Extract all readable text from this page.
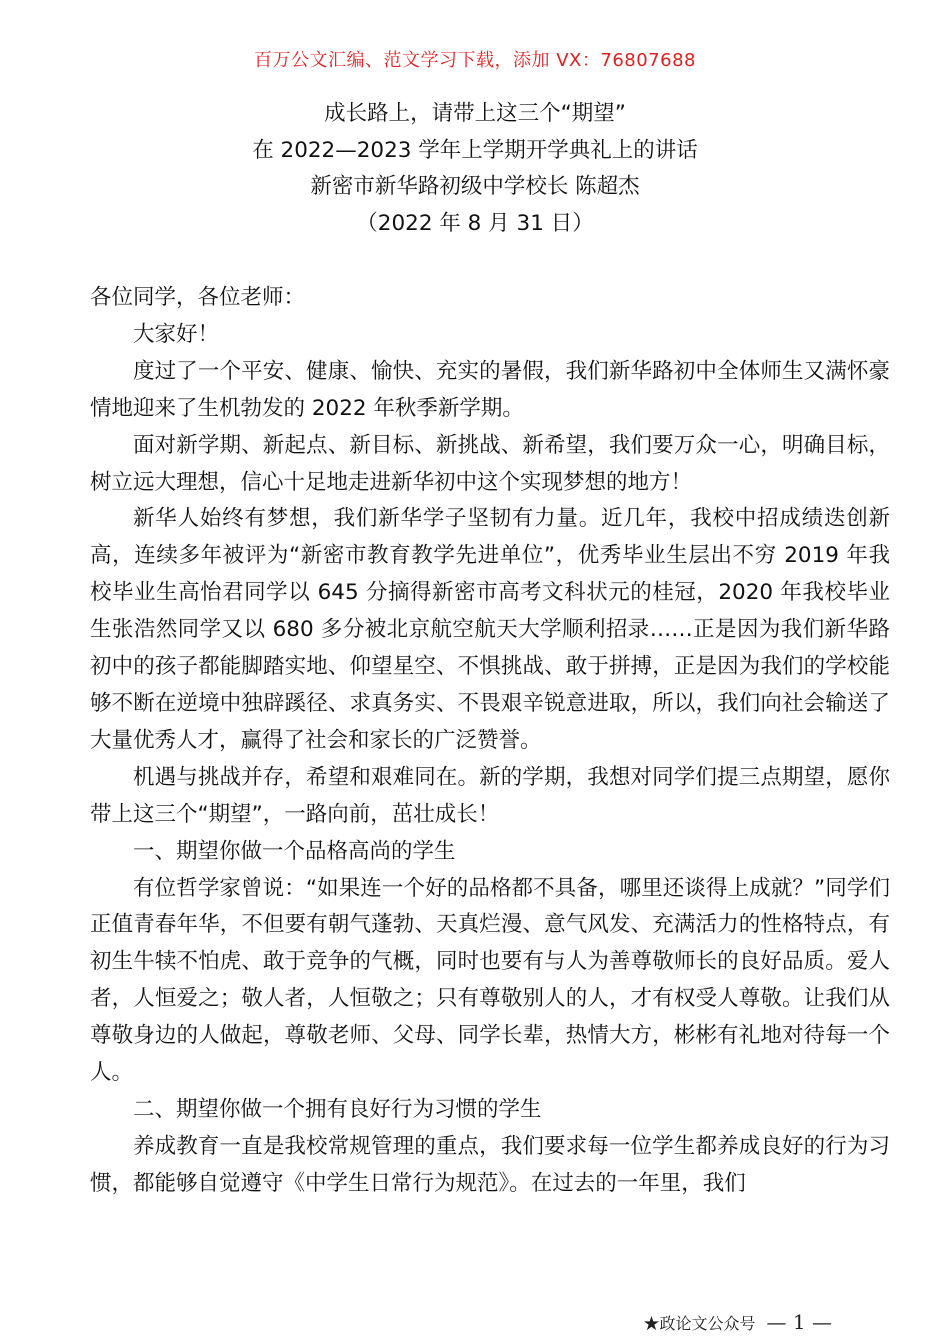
百万公文汇编、范文学习下载，添加 VX：76807688
成长路上，请带上这三个“期望”
在 2022—2023 学年上学期开学典礼上的讲话
新密市新华路初级中学校长 陈超杰
（2022 年 8 月 31 日）

各位同学，各位老师：

大家好！

度过了一个平安、健康、愉快、充实的暑假，我们新华路初中全体师生又满怀豪情地迎来了生机勃发的 2022 年秋季新学期。

面对新学期、新起点、新目标、新挑战、新希望，我们要万众一心，明确目标，树立远大理想，信心十足地走进新华初中这个实现梦想的地方！

新华人始终有梦想，我们新华学子坚韧有力量。近几年，我校中招成绩迭创新高，连续多年被评为“新密市教育教学先进单位”，优秀毕业生层出不穷 2019 年我校毕业生高怡君同学以 645 分摘得新密市高考文科状元的桂冠，2020 年我校毕业生张浩然同学又以 680 多分被北京航空航天大学顺利招录……正是因为我们新华路初中的孩子都能脚踏实地、仰望星空、不惧挑战、敢于拼搏，正是因为我们的学校能够不断在逆境中独辟蹊径、求真务实、不畏艰辛锐意进取，所以，我们向社会输送了大量优秀人才，赢得了社会和家长的广泛赞誉。

机遇与挑战并存，希望和艰难同在。新的学期，我想对同学们提三点期望，愿你带上这三个“期望”，一路向前，茁壮成长！

一、期望你做一个品格高尚的学生

有位哲学家曾说：“如果连一个好的品格都不具备，哪里还谈得上成就？”同学们正值青春年华，不但要有朝气蓬勃、天真烂漫、意气风发、充满活力的性格特点，有初生牛犊不怕虎、敢于竞争的气概，同时也要有与人为善尊敬师长的良好品质。爱人者，人恒爱之；敬人者，人恒敬之；只有尊敬别人的人，才有权受人尊敬。让我们从尊敬身边的人做起，尊敬老师、父母、同学长辈，热情大方，彬彬有礼地对待每一个人。

二、期望你做一个拥有良好行为习惯的学生

养成教育一直是我校常规管理的重点，我们要求每一位学生都养成良好的行为习惯，都能够自觉遵守《中学生日常行为规范》。在过去的一年里，我们

★政论文公众号 — 1 —
